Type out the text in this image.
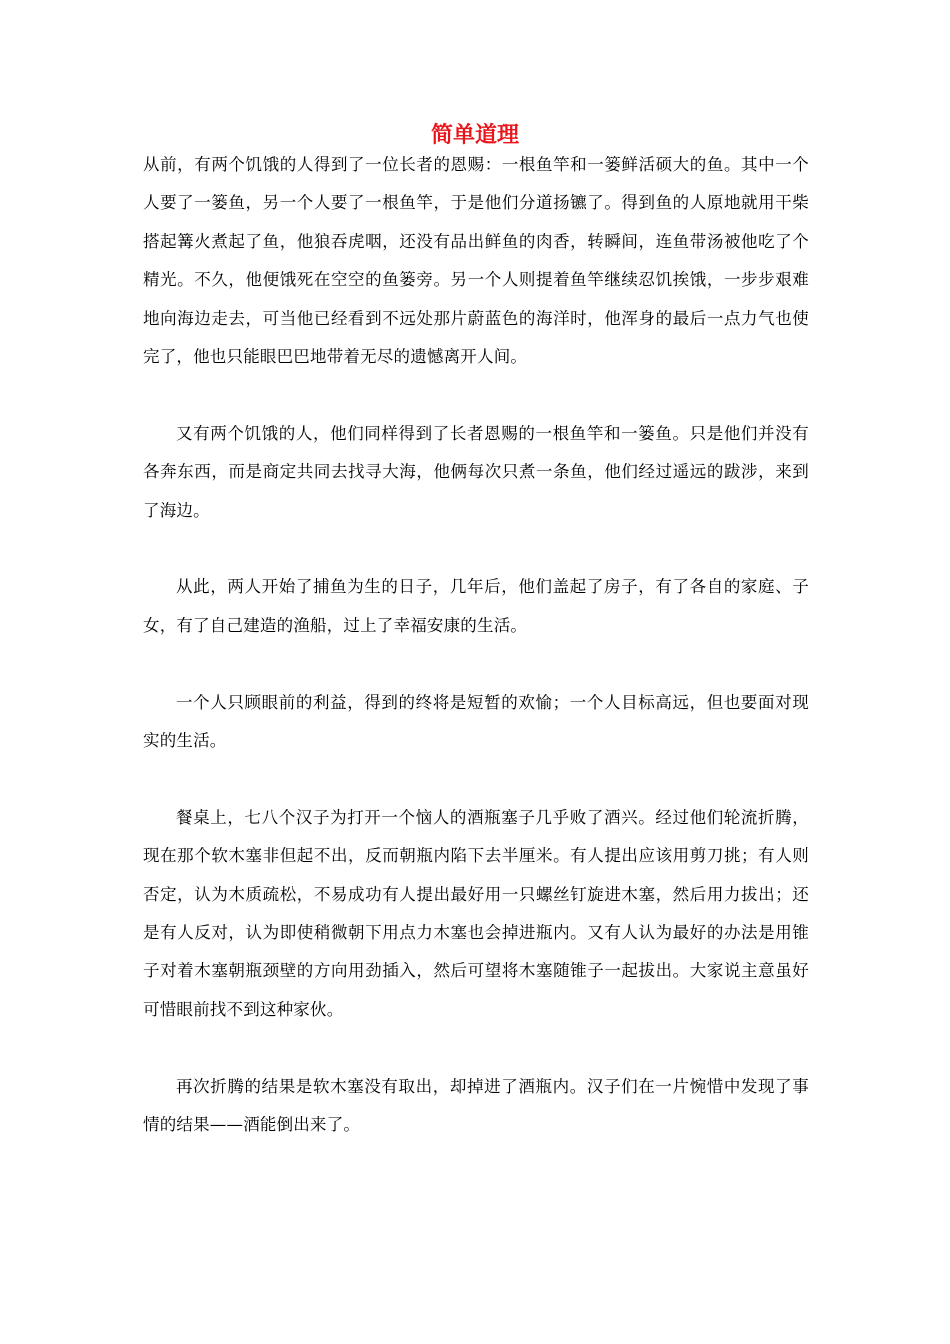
简单道理

从前，有两个饥饿的人得到了一位长者的恩赐：一根鱼竿和一篓鲜活硕大的鱼。其中一个人要了一篓鱼，另一个人要了一根鱼竿，于是他们分道扬镳了。得到鱼的人原地就用干柴搭起篝火煮起了鱼，他狼吞虎咽，还没有品出鲜鱼的肉香，转瞬间，连鱼带汤被他吃了个精光。不久，他便饿死在空空的鱼篓旁。另一个人则提着鱼竿继续忍饥挨饿，一步步艰难地向海边走去，可当他已经看到不远处那片蔚蓝色的海洋时，他浑身的最后一点力气也使完了，他也只能眼巴巴地带着无尽的遗憾离开人间。

又有两个饥饿的人，他们同样得到了长者恩赐的一根鱼竿和一篓鱼。只是他们并没有各奔东西，而是商定共同去找寻大海，他俩每次只煮一条鱼，他们经过遥远的跋涉，来到了海边。

从此，两人开始了捕鱼为生的日子，几年后，他们盖起了房子，有了各自的家庭、子女，有了自己建造的渔船，过上了幸福安康的生活。

一个人只顾眼前的利益，得到的终将是短暂的欢愉；一个人目标高远，但也要面对现实的生活。

餐桌上，七八个汉子为打开一个恼人的酒瓶塞子几乎败了酒兴。经过他们轮流折腾，现在那个软木塞非但起不出，反而朝瓶内陷下去半厘米。有人提出应该用剪刀挑；有人则否定，认为木质疏松，不易成功有人提出最好用一只螺丝钉旋进木塞，然后用力拔出；还是有人反对，认为即使稍微朝下用点力木塞也会掉进瓶内。又有人认为最好的办法是用锥子对着木塞朝瓶颈壁的方向用劲插入，然后可望将木塞随锥子一起拔出。大家说主意虽好可惜眼前找不到这种家伙。

再次折腾的结果是软木塞没有取出，却掉进了酒瓶内。汉子们在一片惋惜中发现了事情的结果——酒能倒出来了。
